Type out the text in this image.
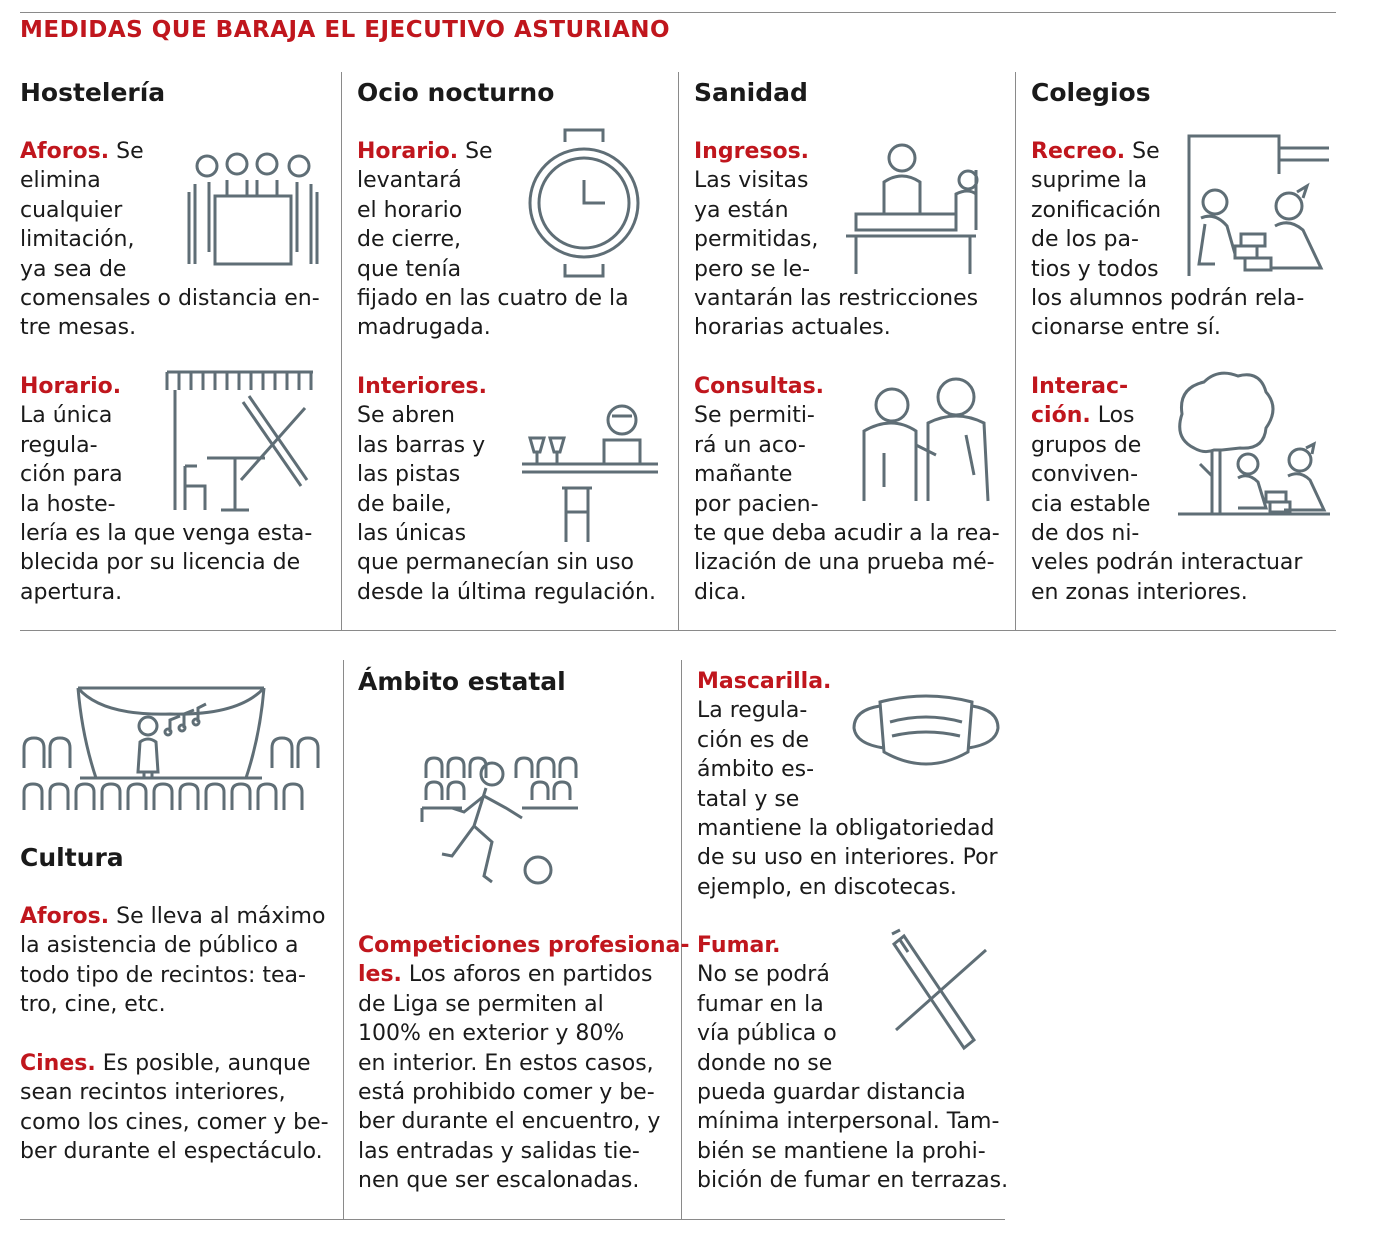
MEDIDAS QUE BARAJA EL EJECUTIVO ASTURIANO
Hostelería

Aforos. Se
elimina
cualquier
limitación,
ya sea de
comensales o distancia en-
tre mesas.

Horario.
La única
regula-
ción para
la hoste-
lería es la que venga esta-
blecida por su licencia de
apertura.

Ocio nocturno

Horario. Se
levantará
el horario
de cierre,
que tenía
fijado en las cuatro de la
madrugada.

Interiores.
Se abren
las barras y
las pistas
de baile,
las únicas
que permanecían sin uso
desde la última regulación.

Sanidad

Ingresos.
Las visitas
ya están
permitidas,
pero se le-
vantarán las restricciones
horarias actuales.

Consultas.
Se permiti-
rá un aco-
mañante
por pacien-
te que deba acudir a la rea-
lización de una prueba mé-
dica.

Colegios

Recreo. Se
suprime la
zonificación
de los pa-
tios y todos
los alumnos podrán rela-
cionarse entre sí.

Interac-
ción. Los
grupos de
conviven-
cia estable
de dos ni-
veles podrán interactuar
en zonas interiores.

Cultura

Aforos. Se lleva al máximo
la asistencia de público a
todo tipo de recintos: tea-
tro, cine, etc.

Cines. Es posible, aunque
sean recintos interiores,
como los cines, comer y be-
ber durante el espectáculo.

Ámbito estatal

Competiciones profesiona-
les. Los aforos en partidos
de Liga se permiten al
100% en exterior y 80%
en interior. En estos casos,
está prohibido comer y be-
ber durante el encuentro, y
las entradas y salidas tie-
nen que ser escalonadas.

Mascarilla.
La regula-
ción es de
ámbito es-
tatal y se
mantiene la obligatoriedad
de su uso en interiores. Por
ejemplo, en discotecas.

Fumar.
No se podrá
fumar en la
vía pública o
donde no se
pueda guardar distancia
mínima interpersonal. Tam-
bién se mantiene la prohi-
bición de fumar en terrazas.
